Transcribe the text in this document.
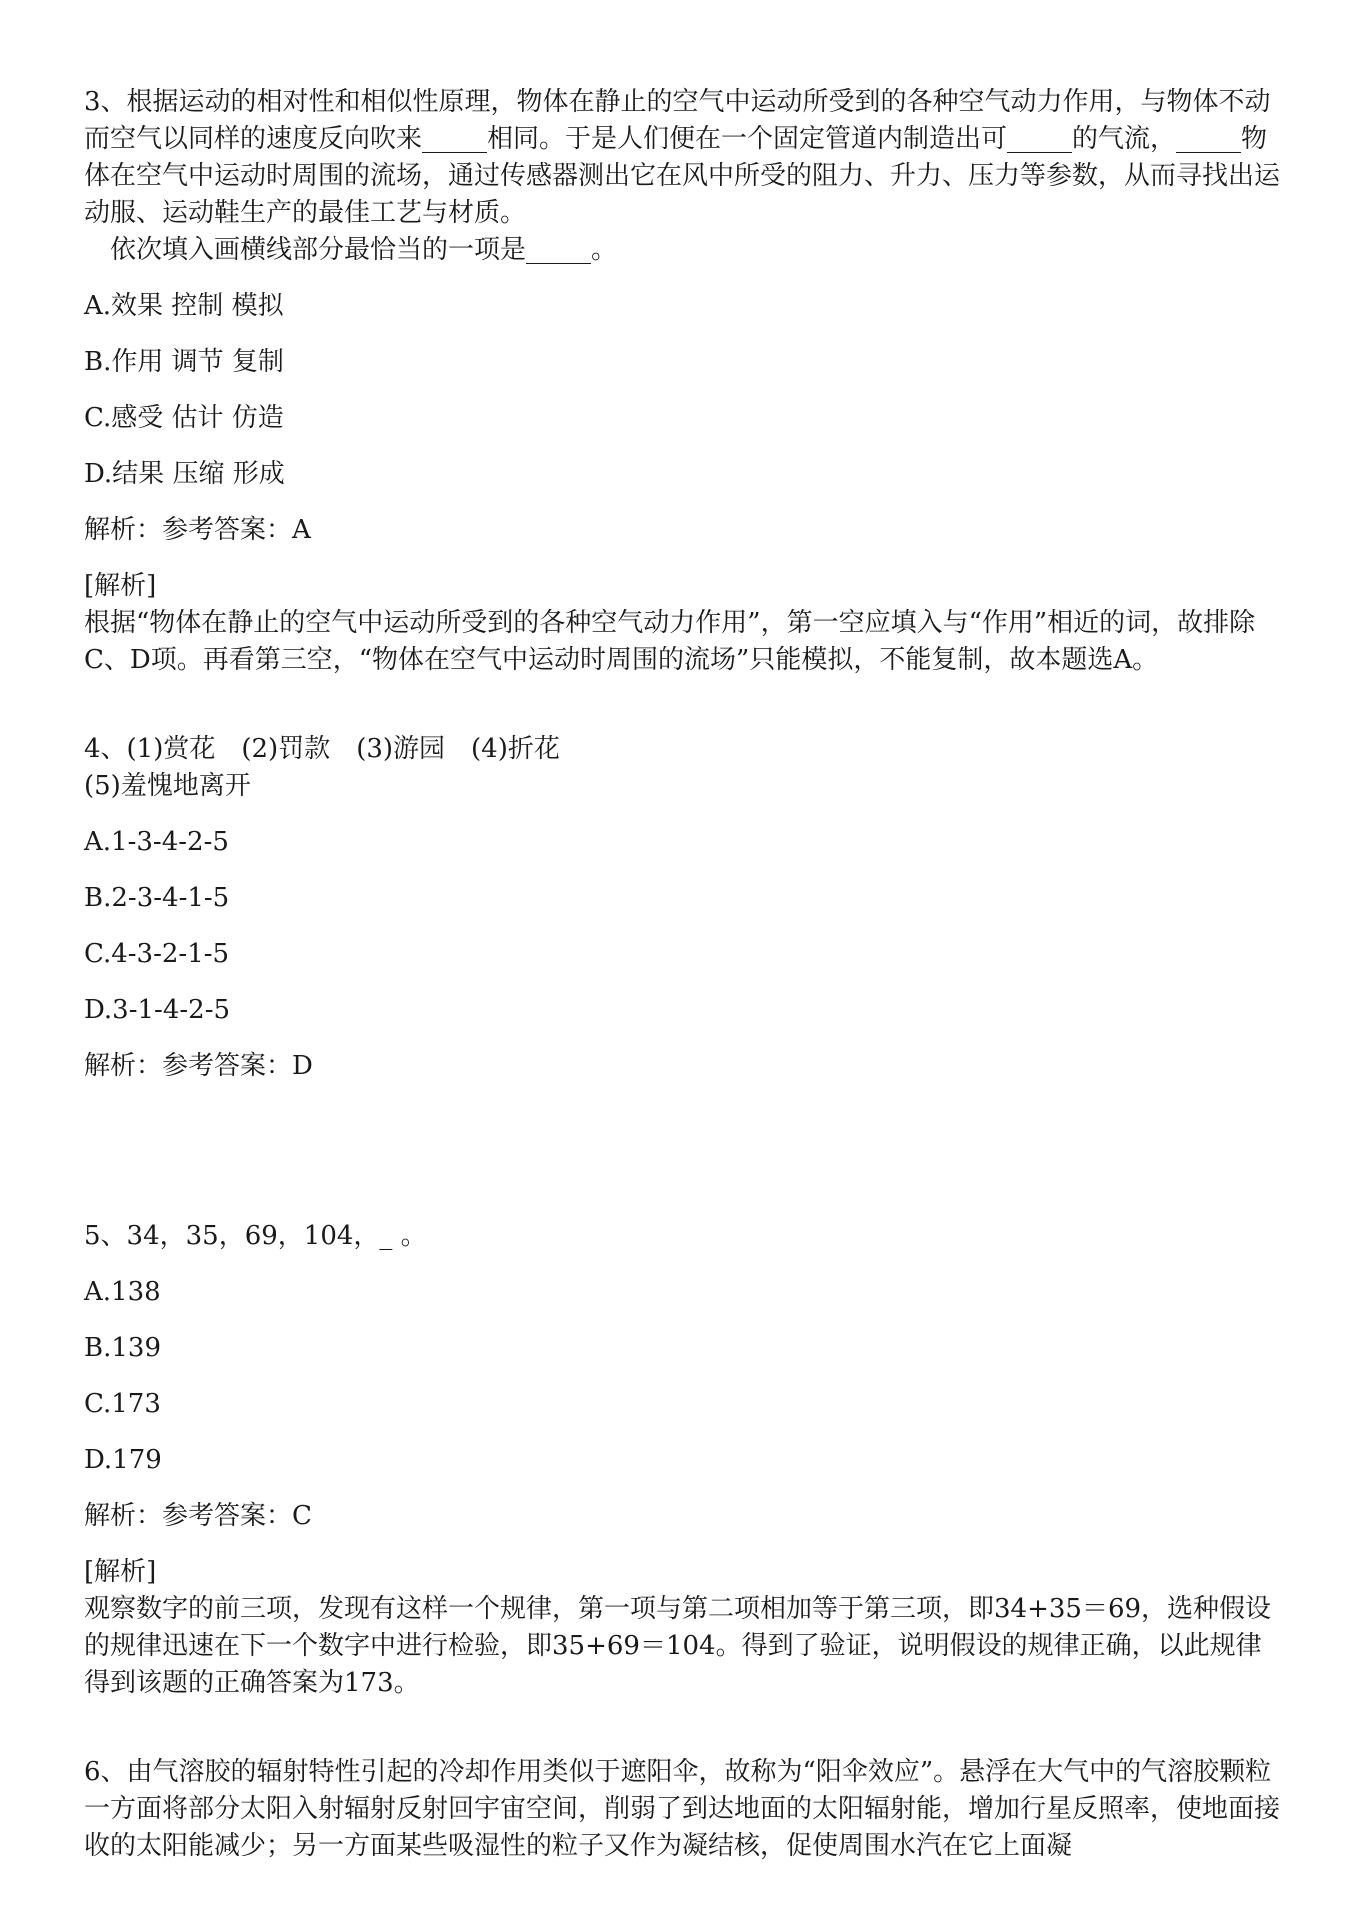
3、根据运动的相对性和相似性原理，物体在静止的空气中运动所受到的各种空气动力作用，与物体不动而空气以同样的速度反向吹来_____相同。于是人们便在一个固定管道内制造出可_____的气流，_____物体在空气中运动时周围的流场，通过传感器测出它在风中所受的阻力、升力、压力等参数，从而寻找出运动服、运动鞋生产的最佳工艺与材质。

依次填入画横线部分最恰当的一项是_____。

A.效果 控制 模拟

B.作用 调节 复制

C.感受 估计 仿造

D.结果 压缩 形成

解析：参考答案：A

[解析]

根据“物体在静止的空气中运动所受到的各种空气动力作用”，第一空应填入与“作用”相近的词，故排除C、D项。再看第三空，“物体在空气中运动时周围的流场”只能模拟，不能复制，故本题选A。

4、(1)赏花　(2)罚款　(3)游园　(4)折花

(5)羞愧地离开

A.1-3-4-2-5

B.2-3-4-1-5

C.4-3-2-1-5

D.3-1-4-2-5

解析：参考答案：D

5、34，35，69，104，_ 。

A.138

B.139

C.173

D.179

解析：参考答案：C

[解析]

观察数字的前三项，发现有这样一个规律，第一项与第二项相加等于第三项，即34+35＝69，选种假设的规律迅速在下一个数字中进行检验，即35+69＝104。得到了验证，说明假设的规律正确，以此规律得到该题的正确答案为173。

6、由气溶胶的辐射特性引起的冷却作用类似于遮阳伞，故称为“阳伞效应”。悬浮在大气中的气溶胶颗粒一方面将部分太阳入射辐射反射回宇宙空间，削弱了到达地面的太阳辐射能，增加行星反照率，使地面接收的太阳能减少；另一方面某些吸湿性的粒子又作为凝结核，促使周围水汽在它上面凝
